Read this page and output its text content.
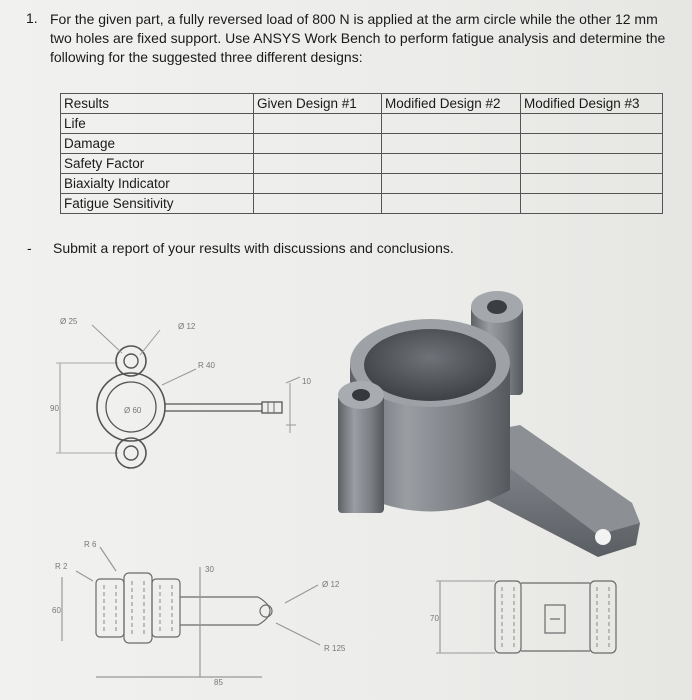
1. For the given part, a fully reversed load of 800 N is applied at the arm circle while the other 12 mm
two holes are fixed support. Use ANSYS Work Bench to perform fatigue analysis and determine the
following for the suggested three different designs:
Results	Given Design #1	Modified Design #2	Modified Design #3
Life			
Damage			
Safety Factor			
Biaxialty Indicator			
Fatigue Sensitivity			
- Submit a report of your results with discussions and conclusions.
Ø 25
Ø 12
R 40
Ø 60
90
10
R 6
R 2	30
60
Ø 12
R 125
85
70
